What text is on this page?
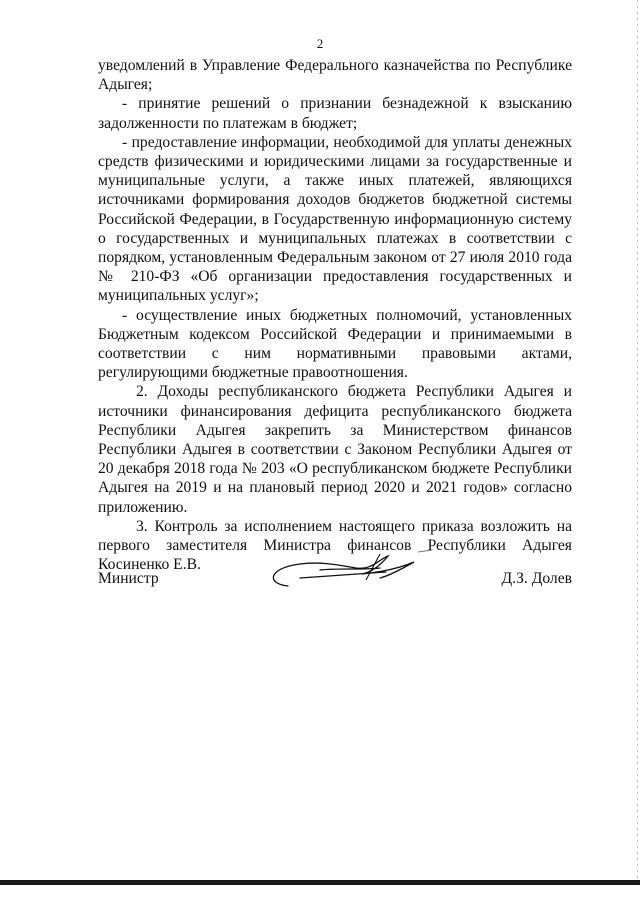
2

уведомлений в Управление Федерального казначейства по Республике Адыгея;

- принятие решений о признании безнадежной к взысканию задолженности по платежам в бюджет;

- предоставление информации, необходимой для уплаты денежных средств физическими и юридическими лицами за государственные и муниципальные услуги, а также иных платежей, являющихся источниками формирования доходов бюджетов бюджетной системы Российской Федерации, в Государственную информационную систему о государственных и муниципальных платежах в соответствии с порядком, установленным Федеральным законом от 27 июля 2010 года № 210-ФЗ «Об организации предоставления государственных и муниципальных услуг»;

- осуществление иных бюджетных полномочий, установленных Бюджетным кодексом Российской Федерации и принимаемыми в соответствии с ним нормативными правовыми актами, регулирующими бюджетные правоотношения.

2. Доходы республиканского бюджета Республики Адыгея и источники финансирования дефицита республиканского бюджета Республики Адыгея закрепить за Министерством финансов Республики Адыгея в соответствии с Законом Республики Адыгея от 20 декабря 2018 года № 203 «О республиканском бюджете Республики Адыгея на 2019 и на плановый период 2020 и 2021 годов» согласно приложению.

3. Контроль за исполнением настоящего приказа возложить на первого заместителя Министра финансов Республики Адыгея Косиненко Е.В.

Министр	Д.З. Долев
